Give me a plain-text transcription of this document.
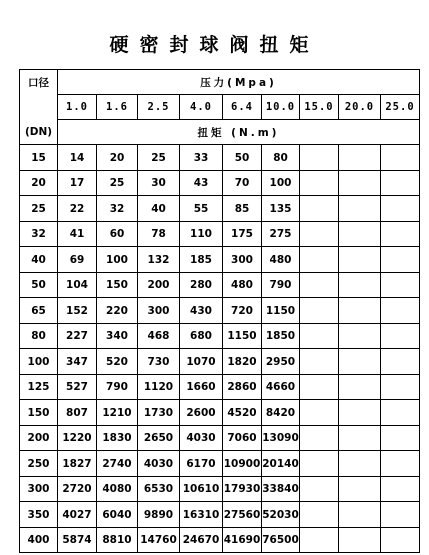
硬密封球阀扭矩
口径	压力(Mpa)								
	1.0	1.6	2.5	4.0	6.4	10.0	15.0	20.0	25.0
(DN)	扭矩 (N.m)								
15	14	20	25	33	50	80			
20	17	25	30	43	70	100			
25	22	32	40	55	85	135			
32	41	60	78	110	175	275			
40	69	100	132	185	300	480			
50	104	150	200	280	480	790			
65	152	220	300	430	720	1150			
80	227	340	468	680	1150	1850			
100	347	520	730	1070	1820	2950			
125	527	790	1120	1660	2860	4660			
150	807	1210	1730	2600	4520	8420			
200	1220	1830	2650	4030	7060	13090			
250	1827	2740	4030	6170	10900	20140			
300	2720	4080	6530	10610	17930	33840			
350	4027	6040	9890	16310	27560	52030			
400	5874	8810	14760	24670	41690	76500			
